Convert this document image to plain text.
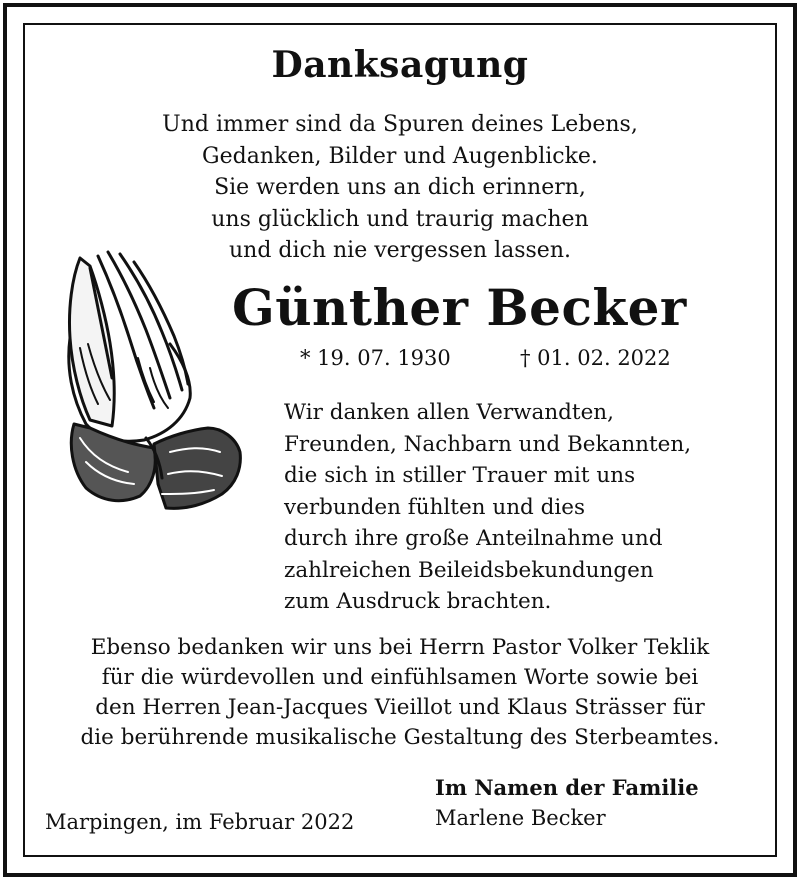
Danksagung
Und immer sind da Spuren deines Lebens,
Gedanken, Bilder und Augenblicke.
Sie werden uns an dich erinnern,
uns glücklich und traurig machen
und dich nie vergessen lassen.
Günther Becker
* 19. 07. 1930	† 01. 02. 2022
Wir danken allen Verwandten,
Freunden, Nachbarn und Bekannten,
die sich in stiller Trauer mit uns
verbunden fühlten und dies
durch ihre große Anteilnahme und
zahlreichen Beileidsbekundungen
zum Ausdruck brachten.
Ebenso bedanken wir uns bei Herrn Pastor Volker Teklik
für die würdevollen und einfühlsamen Worte sowie bei
den Herren Jean-Jacques Vieillot und Klaus Strässer für
die berührende musikalische Gestaltung des Sterbeamtes.
Im Namen der Familie
Marlene Becker
Marpingen, im Februar 2022
